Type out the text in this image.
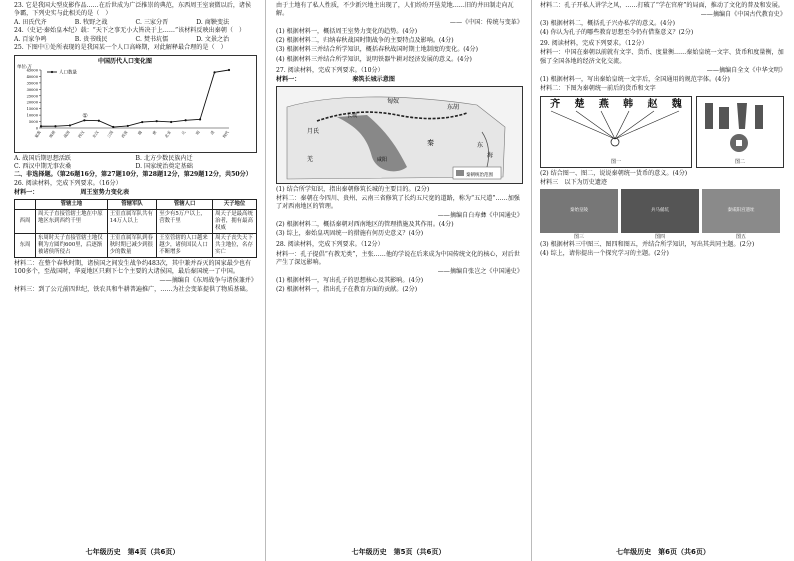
23. 它是我国大型皮影作品……在后世成为广泛推崇的典范，东西周王室衰微以后，诸侯争霸，下列史实与此相关的是（　）

A. 田氏代齐	B. 牧野之战	C. 三家分晋	D. 商鞅变法

24.（史记·秦始皇本纪）载：“天下之事无小大皆决于上……”该材料反映出秦朝（　）

A. 百家争鸣	B. 贵书贱民	C. 焚书坑儒	D. 文景之治

25. 下图中①处所表现的是我国某一个人口高峰期，对此解释最合理的是（　）

中国历代人口变化图
单位:万
0
5000
10000
15000
20000
25000
30000
35000
40000
45000
夏禹 周初 战国 西汉 东汉 三国 西晋 隋 唐 北宋 元 明 清 现代
①
人口数量
A. 战国后期思想活跃	B. 北方少数民族内迁
C. 西汉中期无事农桑	D. 国家统治奠定基础

二、非选择题。（第26题16分，第27题10分，第28题12分，第29题12分，共50分）

26. 阅读材料，完成下列要求。（16分）

材料一：	周王室势力变化表

	管辖土地	管辖军队	管辖人口	天子地位
西周	周天子直接管辖土地在中原地区东到西约千里	王室直属军队共有14万人以上	至少有5万户以上，营数千里	周天子是最高统治者，拥有最高权威
东周	东周时天子直接管辖土地仅剩为方圆约600里，后逐渐被诸侯所侵占	王室直属军队到春秋时期已减少到很少的数量	王室管辖的人口越来越少，诸侯国民人口不断增多	周天子丧失天下共主地位，名存实亡

材料二：在整个春秋时期，诸侯国之间发生战争约483次，其中兼并吞灭的国家最少也有100多个，至战国时，华夏地区只剩下七个主要的大诸侯国，最后秦国统一了中国。

——摘编自《东周战争与诸侯兼并》

材料三：到了公元前四世纪，铁农具和牛耕普遍推广，……为社会变革提供了物质基础。

七年级历史　第4页（共6页）

由于土地有了私人性质，不少新兴地主出现了，人们纷纷开垦荒地……旧的井田制走向瓦解。

——《中国：传统与变革》

(1) 根据材料一，概括周王室势力变化的趋势。(4分)

(2) 根据材料二，归纳春秋战国时期战争的主要特点及影响。(4分)

(3) 根据材料三并结合所学知识，概括春秋战国时期土地制度的变化。(4分)

(4) 根据材料三并结合所学知识，说明铁器牛耕对经济发展的意义。(4分)

27. 阅读材料，完成下列要求。（10分）

材料一：	秦筑长城示意图

匈奴
东胡
月氏
羌
秦
咸阳
东
海
长城
秦朝统治范围

(1) 结合所学知识，指出秦朝修筑长城的主要目的。(2分)

材料二：秦朝在今四川、贵州、云南三省修筑了长约五尺宽的道路，称为“五尺道”……加强了对西南地区的管理。

——摘编自白寿彝《中国通史》

(2) 根据材料二，概括秦朝对西南地区的管理措施及其作用。(4分)

(3) 综上，秦始皇巩固统一的措施有何历史意义？(4分)

28. 阅读材料，完成下列要求。（12分）

材料一：孔子提倡“有教无类”，主张……他的学说在后来成为中国传统文化的核心，对后世产生了深远影响。

——摘编自张岂之《中国通史》

(1) 根据材料一，写出孔子的思想核心及其影响。(4分)

(2) 根据材料一，指出孔子在教育方面的贡献。(2分)

七年级历史　第5页（共6页）

材料二：孔子开私人讲学之风，……打破了“学在官府”的局面，推动了文化的普及和发展。

——摘编自《中国古代教育史》

(3) 根据材料二，概括孔子兴办私学的意义。(4分)

(4) 你认为孔子的哪些教育思想至今仍有借鉴意义？(2分)

29. 阅读材料，完成下列要求。（12分）

材料一：中国在秦朝以前就有文字、货币、度量衡……秦始皇统一文字、货币和度量衡，加强了全国各地的经济文化交流。

——摘编自全文《中华文明》

(1) 根据材料一，写出秦始皇统一文字后，全国通用的规范字体。(4分)

材料二：下图为秦朝统一前后的货币和文字

齐 楚 燕 韩 赵 魏
图一	图二

(2) 结合图一、图二，说说秦朝统一货币的意义。(4分)

材料三　以下为历史遗迹

秦始皇陵
图三
兵马俑坑
图四
秦咸阳宫遗址
图五

(3) 根据材料三中图三、图四和图五，并结合所学知识，写出其共同主题。(2分)

(4) 综上，请你提出一个探究学习的主题。(2分)

七年级历史　第6页（共6页）
